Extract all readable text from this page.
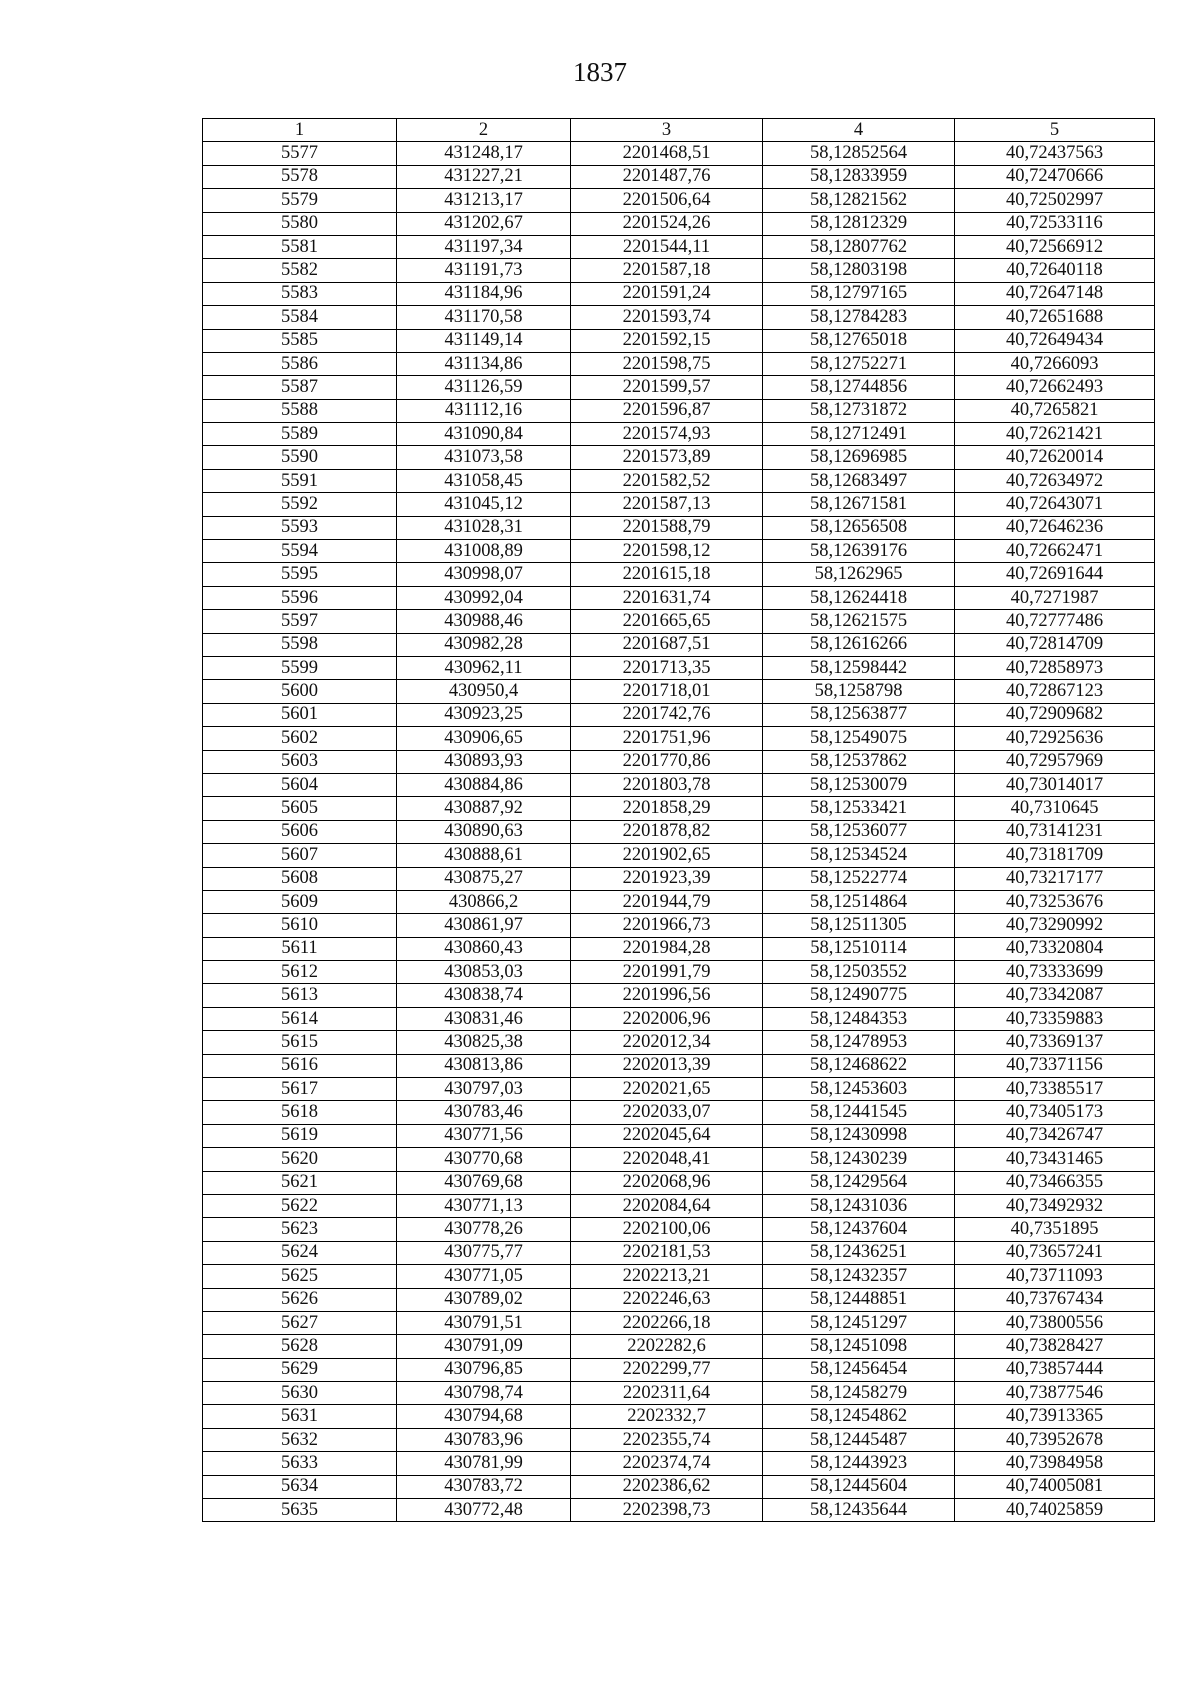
1837
1	2	3	4	5
5577	431248,17	2201468,51	58,12852564	40,72437563
5578	431227,21	2201487,76	58,12833959	40,72470666
5579	431213,17	2201506,64	58,12821562	40,72502997
5580	431202,67	2201524,26	58,12812329	40,72533116
5581	431197,34	2201544,11	58,12807762	40,72566912
5582	431191,73	2201587,18	58,12803198	40,72640118
5583	431184,96	2201591,24	58,12797165	40,72647148
5584	431170,58	2201593,74	58,12784283	40,72651688
5585	431149,14	2201592,15	58,12765018	40,72649434
5586	431134,86	2201598,75	58,12752271	40,7266093
5587	431126,59	2201599,57	58,12744856	40,72662493
5588	431112,16	2201596,87	58,12731872	40,7265821
5589	431090,84	2201574,93	58,12712491	40,72621421
5590	431073,58	2201573,89	58,12696985	40,72620014
5591	431058,45	2201582,52	58,12683497	40,72634972
5592	431045,12	2201587,13	58,12671581	40,72643071
5593	431028,31	2201588,79	58,12656508	40,72646236
5594	431008,89	2201598,12	58,12639176	40,72662471
5595	430998,07	2201615,18	58,1262965	40,72691644
5596	430992,04	2201631,74	58,12624418	40,7271987
5597	430988,46	2201665,65	58,12621575	40,72777486
5598	430982,28	2201687,51	58,12616266	40,72814709
5599	430962,11	2201713,35	58,12598442	40,72858973
5600	430950,4	2201718,01	58,1258798	40,72867123
5601	430923,25	2201742,76	58,12563877	40,72909682
5602	430906,65	2201751,96	58,12549075	40,72925636
5603	430893,93	2201770,86	58,12537862	40,72957969
5604	430884,86	2201803,78	58,12530079	40,73014017
5605	430887,92	2201858,29	58,12533421	40,7310645
5606	430890,63	2201878,82	58,12536077	40,73141231
5607	430888,61	2201902,65	58,12534524	40,73181709
5608	430875,27	2201923,39	58,12522774	40,73217177
5609	430866,2	2201944,79	58,12514864	40,73253676
5610	430861,97	2201966,73	58,12511305	40,73290992
5611	430860,43	2201984,28	58,12510114	40,73320804
5612	430853,03	2201991,79	58,12503552	40,73333699
5613	430838,74	2201996,56	58,12490775	40,73342087
5614	430831,46	2202006,96	58,12484353	40,73359883
5615	430825,38	2202012,34	58,12478953	40,73369137
5616	430813,86	2202013,39	58,12468622	40,73371156
5617	430797,03	2202021,65	58,12453603	40,73385517
5618	430783,46	2202033,07	58,12441545	40,73405173
5619	430771,56	2202045,64	58,12430998	40,73426747
5620	430770,68	2202048,41	58,12430239	40,73431465
5621	430769,68	2202068,96	58,12429564	40,73466355
5622	430771,13	2202084,64	58,12431036	40,73492932
5623	430778,26	2202100,06	58,12437604	40,7351895
5624	430775,77	2202181,53	58,12436251	40,73657241
5625	430771,05	2202213,21	58,12432357	40,73711093
5626	430789,02	2202246,63	58,12448851	40,73767434
5627	430791,51	2202266,18	58,12451297	40,73800556
5628	430791,09	2202282,6	58,12451098	40,73828427
5629	430796,85	2202299,77	58,12456454	40,73857444
5630	430798,74	2202311,64	58,12458279	40,73877546
5631	430794,68	2202332,7	58,12454862	40,73913365
5632	430783,96	2202355,74	58,12445487	40,73952678
5633	430781,99	2202374,74	58,12443923	40,73984958
5634	430783,72	2202386,62	58,12445604	40,74005081
5635	430772,48	2202398,73	58,12435644	40,74025859
